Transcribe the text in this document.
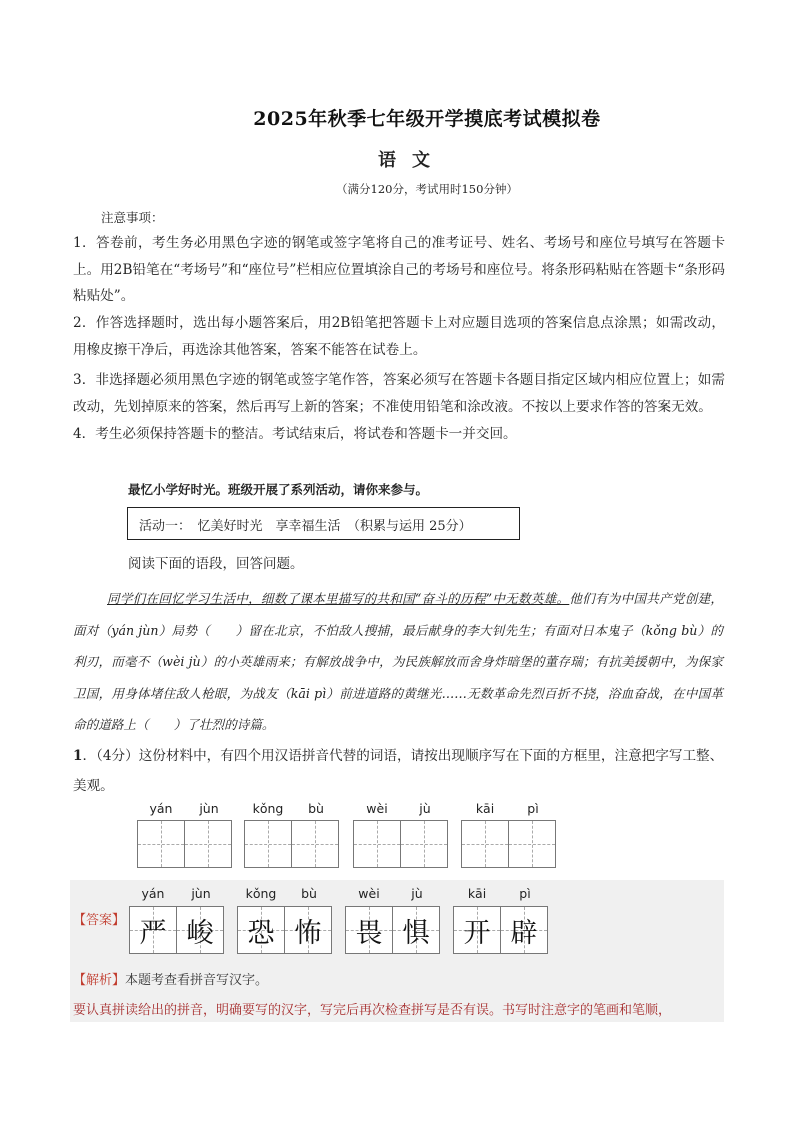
2025年秋季七年级开学摸底考试模拟卷
语文
（满分120分，考试用时150分钟）
注意事项：
1．答卷前，考生务必用黑色字迹的钢笔或签字笔将自己的准考证号、姓名、考场号和座位号填写在答题卡上。用2B铅笔在“考场号”和“座位号”栏相应位置填涂自己的考场号和座位号。将条形码粘贴在答题卡“条形码粘贴处”。
2．作答选择题时，选出每小题答案后，用2B铅笔把答题卡上对应题目选项的答案信息点涂黑；如需改动，用橡皮擦干净后，再选涂其他答案，答案不能答在试卷上。
3．非选择题必须用黑色字迹的钢笔或签字笔作答，答案必须写在答题卡各题目指定区域内相应位置上；如需改动，先划掉原来的答案，然后再写上新的答案；不准使用铅笔和涂改液。不按以上要求作答的答案无效。
4．考生必须保持答题卡的整洁。考试结束后，将试卷和答题卡一并交回。
最忆小学好时光。班级开展了系列活动，请你来参与。
活动一：　忆美好时光　享幸福生活　（积累与运用 25分）
阅读下面的语段，回答问题。
同学们在回忆学习生活中，细数了课本里描写的共和国“奋斗的历程”中无数英雄。他们有为中国共产党创建，面对（yán jùn）局势（　　）留在北京，不怕敌人搜捕，最后献身的李大钊先生；有面对日本鬼子（kǒng bù）的利刃，而毫不（wèi jù）的小英雄雨来；有解放战争中，为民族解放而舍身炸暗堡的董存瑞；有抗美援朝中，为保家卫国，用身体堵住敌人枪眼，为战友（kāi pì）前进道路的黄继光……无数革命先烈百折不挠，浴血奋战，在中国革命的道路上（　　）了壮烈的诗篇。
1．（4分）这份材料中，有四个用汉语拼音代替的词语，请按出现顺序写在下面的方框里，注意把字写工整、美观。
yán	jùn	kǒng	bù	wèi	jù	kāi	pì
【答案】
yán	jùn
严 峻
kǒng	bù
恐 怖
wèi	jù
畏 惧
kāi	pì
开 辟
【解析】本题考查看拼音写汉字。
要认真拼读给出的拼音，明确要写的汉字，写完后再次检查拼写是否有误。书写时注意字的笔画和笔顺，
